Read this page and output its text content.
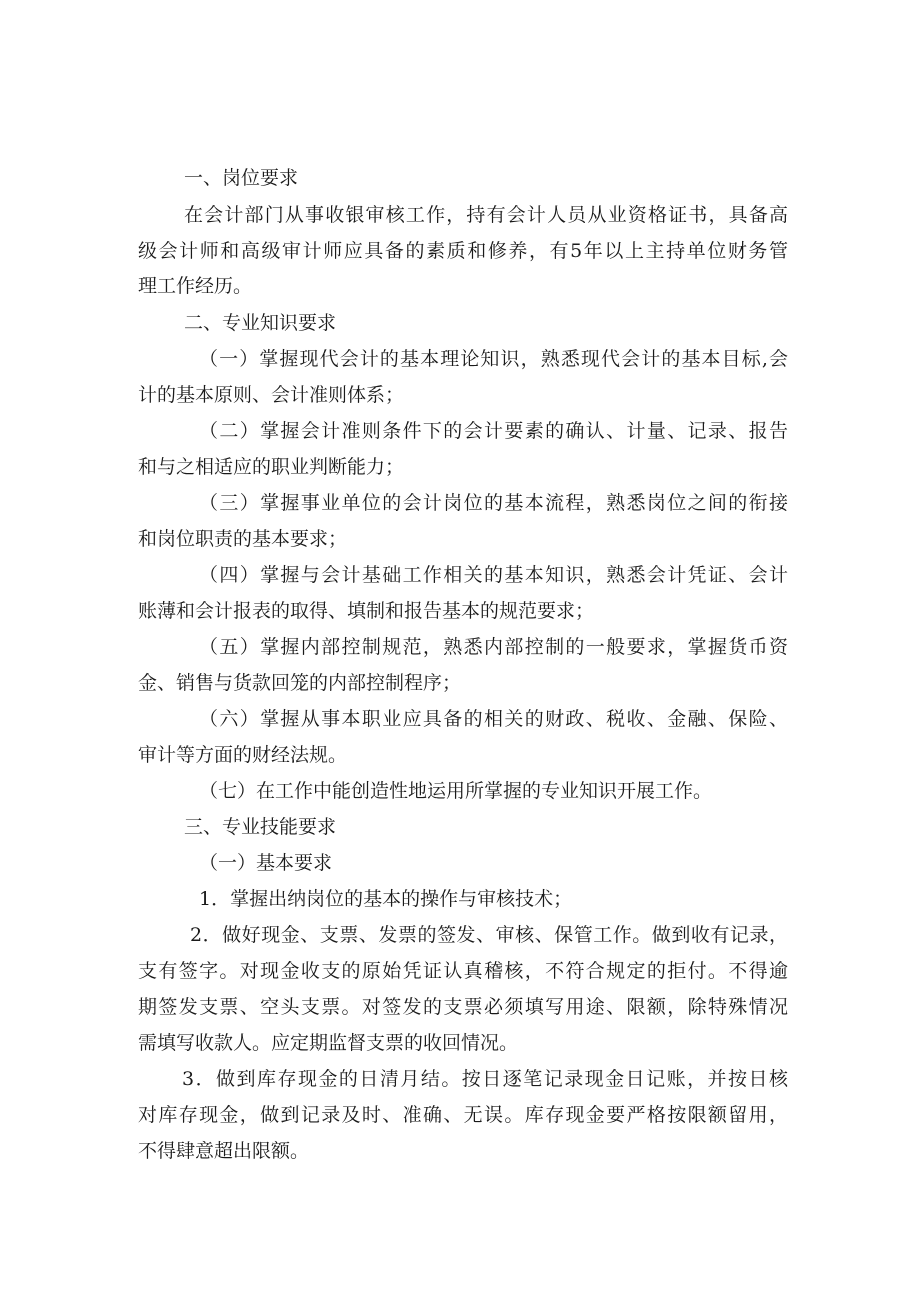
一、岗位要求
在会计部门从事收银审核工作，持有会计人员从业资格证书，具备高
级会计师和高级审计师应具备的素质和修养，有5年以上主持单位财务管
理工作经历。
二、专业知识要求
（一）掌握现代会计的基本理论知识，熟悉现代会计的基本目标,会
计的基本原则、会计准则体系；
（二）掌握会计准则条件下的会计要素的确认、计量、记录、报告
和与之相适应的职业判断能力；
（三）掌握事业单位的会计岗位的基本流程，熟悉岗位之间的衔接
和岗位职责的基本要求；
（四）掌握与会计基础工作相关的基本知识，熟悉会计凭证、会计
账薄和会计报表的取得、填制和报告基本的规范要求；
（五）掌握内部控制规范，熟悉内部控制的一般要求，掌握货币资
金、销售与货款回笼的内部控制程序；
（六）掌握从事本职业应具备的相关的财政、税收、金融、保险、
审计等方面的财经法规。
（七）在工作中能创造性地运用所掌握的专业知识开展工作。
三、专业技能要求
（一）基本要求
1．掌握出纳岗位的基本的操作与审核技术；
2．做好现金、支票、发票的签发、审核、保管工作。做到收有记录，
支有签字。对现金收支的原始凭证认真稽核，不符合规定的拒付。不得逾
期签发支票、空头支票。对签发的支票必须填写用途、限额，除特殊情况
需填写收款人。应定期监督支票的收回情况。
3．做到库存现金的日清月结。按日逐笔记录现金日记账，并按日核
对库存现金，做到记录及时、准确、无误。库存现金要严格按限额留用，
不得肆意超出限额。
